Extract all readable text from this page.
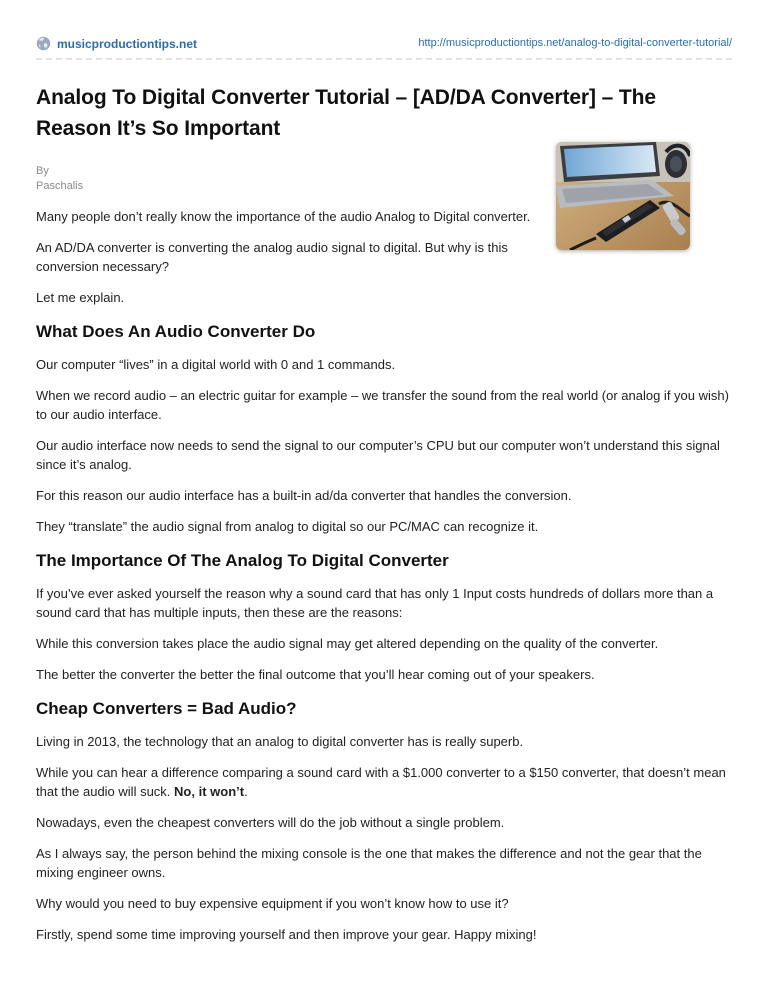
musicproductiontips.net	http://musicproductiontips.net/analog-to-digital-converter-tutorial/
Analog To Digital Converter Tutorial – [AD/DA Converter] – The Reason It’s So Important
By
Paschalis

Many people don’t really know the importance of the audio Analog to Digital converter.

An AD/DA converter is converting the analog audio signal to digital. But why is this conversion necessary?

Let me explain.

What Does An Audio Converter Do

Our computer “lives” in a digital world with 0 and 1 commands.

When we record audio – an electric guitar for example – we transfer the sound from the real world (or analog if you wish) to our audio interface.

Our audio interface now needs to send the signal to our computer’s CPU but our computer won’t understand this signal since it’s analog.

For this reason our audio interface has a built-in ad/da converter that handles the conversion.

They “translate” the audio signal from analog to digital so our PC/MAC can recognize it.

The Importance Of The Analog To Digital Converter

If you’ve ever asked yourself the reason why a sound card that has only 1 Input costs hundreds of dollars more than a sound card that has multiple inputs, then these are the reasons:

While this conversion takes place the audio signal may get altered depending on the quality of the converter.

The better the converter the better the final outcome that you’ll hear coming out of your speakers.

Cheap Converters = Bad Audio?

Living in 2013, the technology that an analog to digital converter has is really superb.

While you can hear a difference comparing a sound card with a $1.000 converter to a $150 converter, that doesn’t mean that the audio will suck. No, it won’t.

Nowadays, even the cheapest converters will do the job without a single problem.

As I always say, the person behind the mixing console is the one that makes the difference and not the gear that the mixing engineer owns.

Why would you need to buy expensive equipment if you won’t know how to use it?

Firstly, spend some time improving yourself and then improve your gear. Happy mixing!
